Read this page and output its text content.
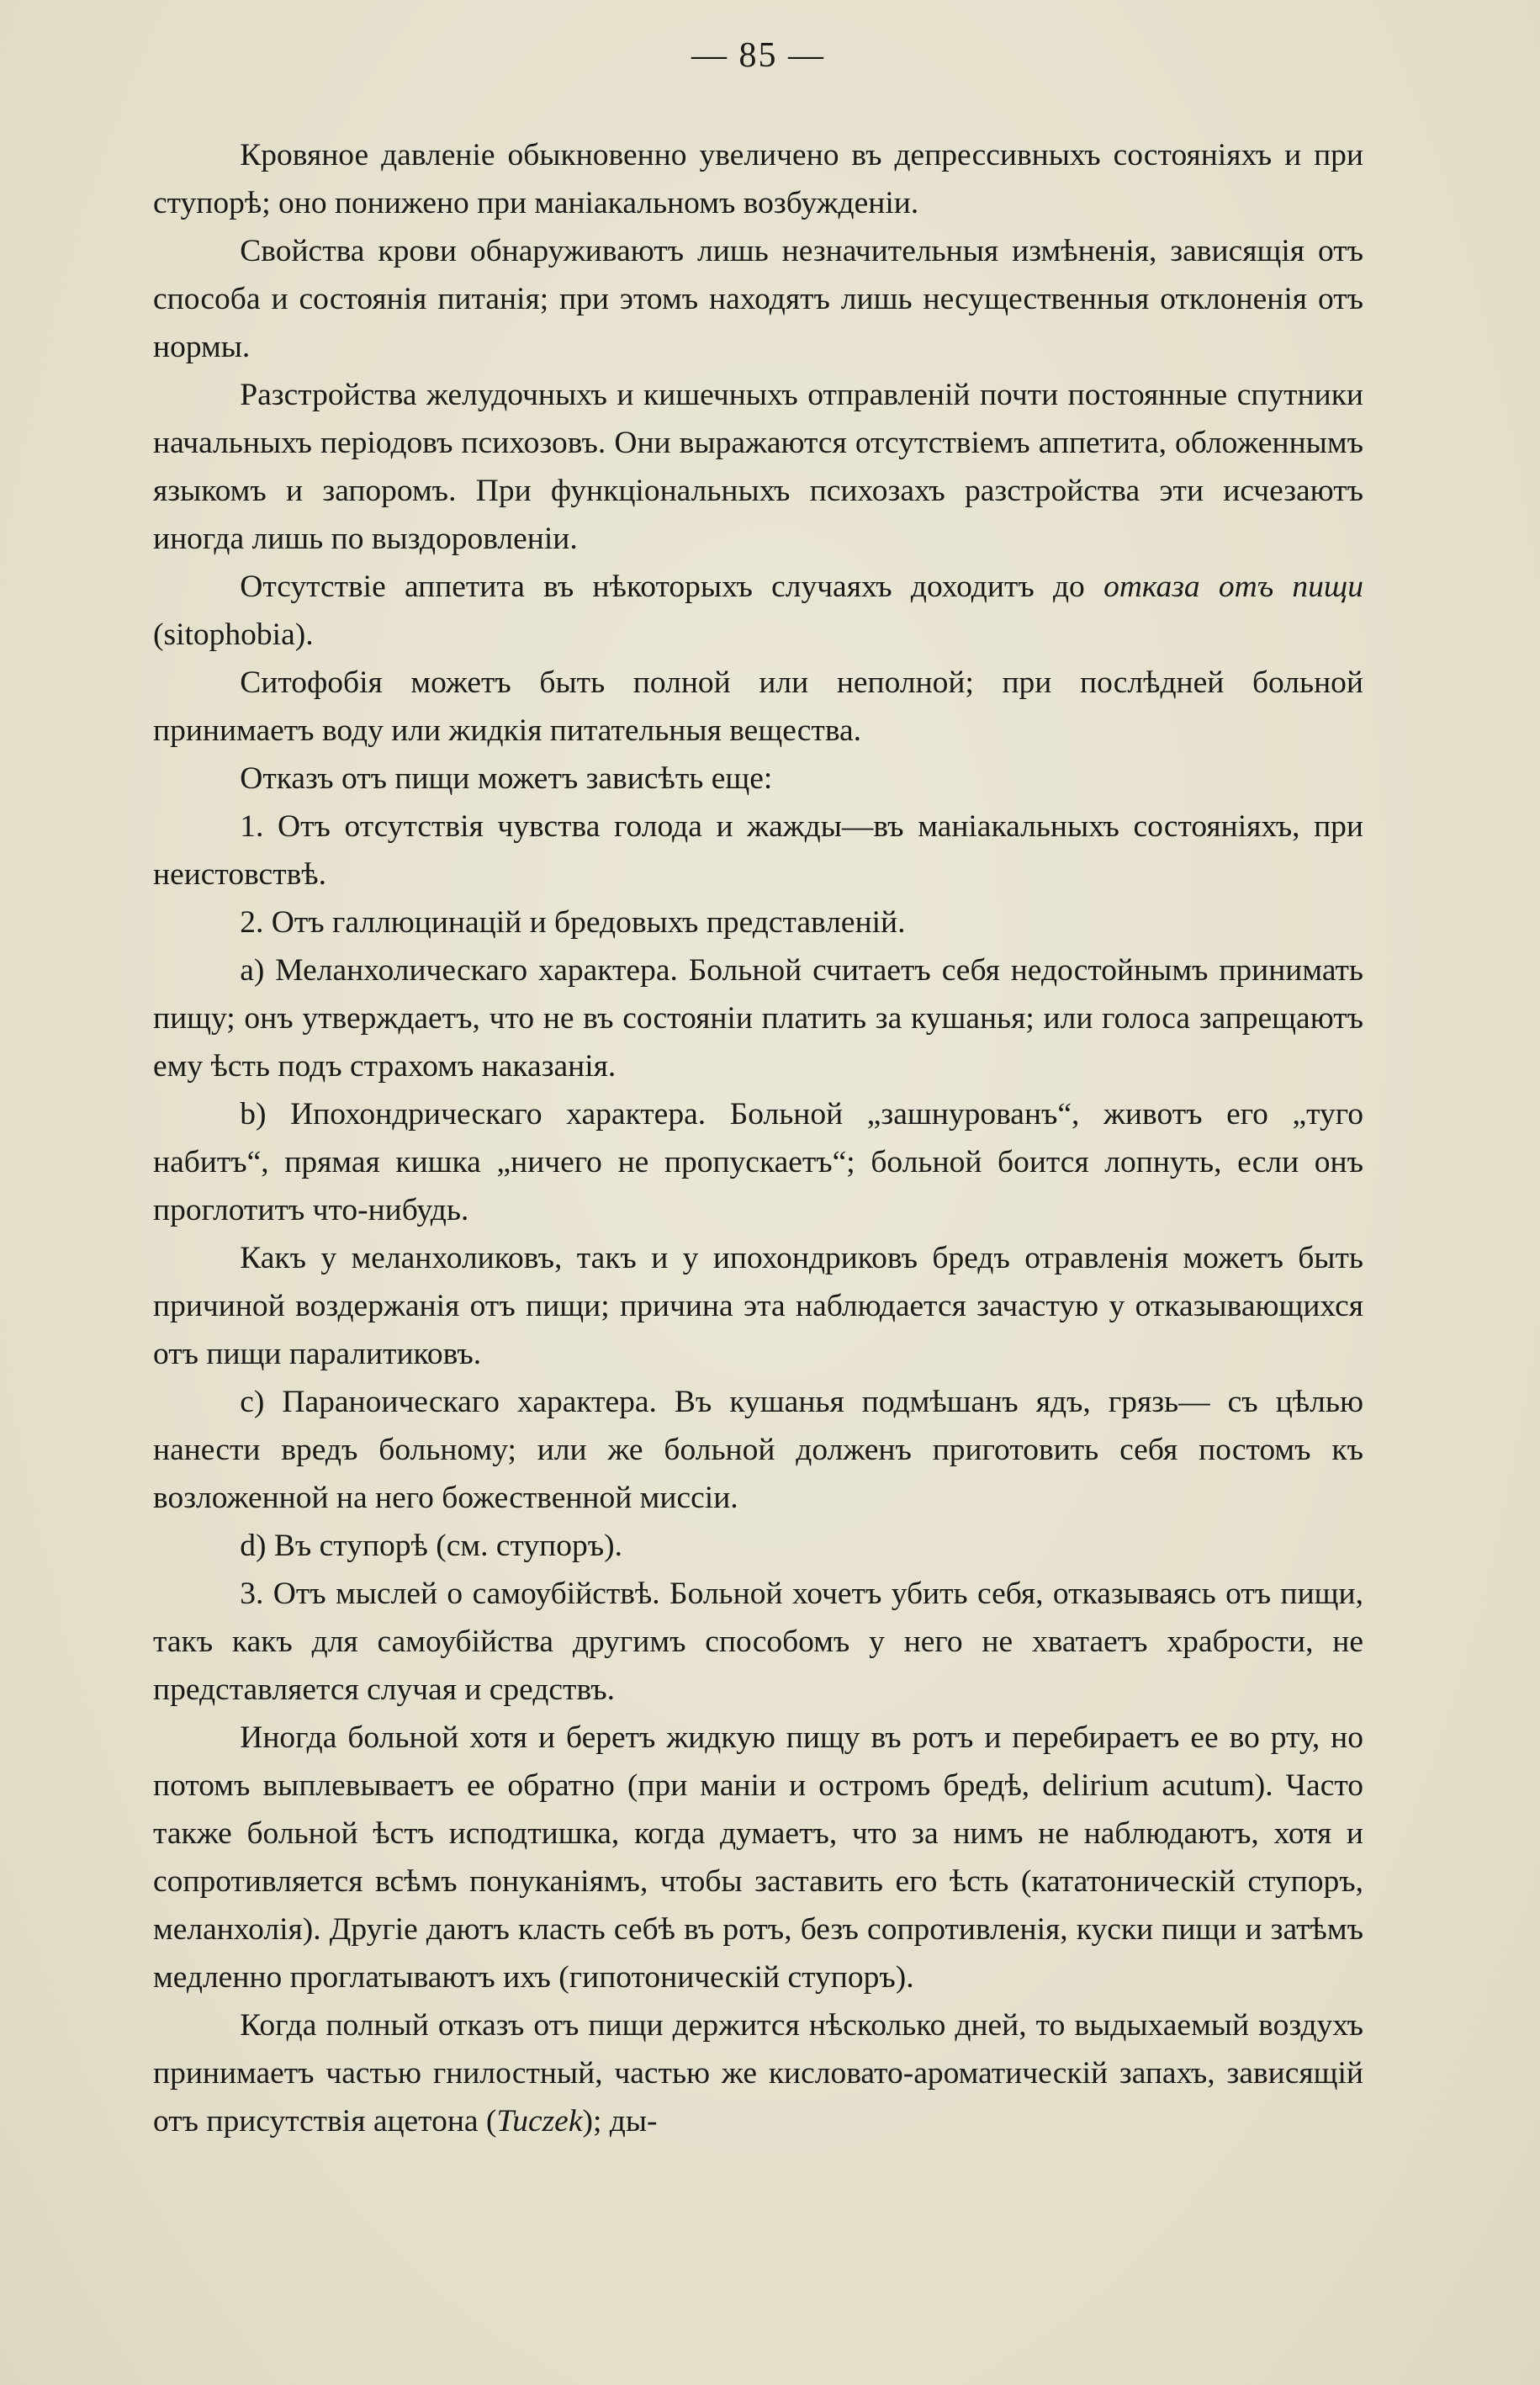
— 85 —

Кровяное давленіе обыкновенно увеличено въ депрессивныхъ состояніяхъ и при ступорѣ; оно понижено при маніакальномъ возбужденіи.

Свойства крови обнаруживаютъ лишь незначительныя измѣненія, зависящія отъ способа и состоянія питанія; при этомъ находятъ лишь несущественныя отклоненія отъ нормы.

Разстройства желудочныхъ и кишечныхъ отправленій почти постоянные спутники начальныхъ періодовъ психозовъ. Они выражаются отсутствіемъ аппетита, обложеннымъ языкомъ и запоромъ. При функціональныхъ психозахъ разстройства эти исчезаютъ иногда лишь по выздоровленіи.

Отсутствіе аппетита въ нѣкоторыхъ случаяхъ доходитъ до отказа отъ пищи (sitophobia).

Ситофобія можетъ быть полной или неполной; при послѣдней больной принимаетъ воду или жидкія питательныя вещества.

Отказъ отъ пищи можетъ зависѣть еще:

1. Отъ отсутствія чувства голода и жажды—въ маніакальныхъ состояніяхъ, при неистовствѣ.

2. Отъ галлюцинацій и бредовыхъ представленій.

a) Меланхолическаго характера. Больной считаетъ себя недостойнымъ принимать пищу; онъ утверждаетъ, что не въ состояніи платить за кушанья; или голоса запрещаютъ ему ѣсть подъ страхомъ наказанія.

b) Ипохондрическаго характера. Больной „зашнурованъ“, животъ его „туго набитъ“, прямая кишка „ничего не пропускаетъ“; больной боится лопнуть, если онъ проглотитъ что-нибудь.

Какъ у меланхоликовъ, такъ и у ипохондриковъ бредъ отравленія можетъ быть причиной воздержанія отъ пищи; причина эта наблюдается зачастую у отказывающихся отъ пищи паралитиковъ.

c) Параноическаго характера. Въ кушанья подмѣшанъ ядъ, грязь— съ цѣлью нанести вредъ больному; или же больной долженъ приготовить себя постомъ къ возложенной на него божественной миссіи.

d) Въ ступорѣ (см. ступоръ).

3. Отъ мыслей о самоубійствѣ. Больной хочетъ убить себя, отказываясь отъ пищи, такъ какъ для самоубійства другимъ способомъ у него не хватаетъ храбрости, не представляется случая и средствъ.

Иногда больной хотя и беретъ жидкую пищу въ ротъ и перебираетъ ее во рту, но потомъ выплевываетъ ее обратно (при маніи и остромъ бредѣ, delirium acutum). Часто также больной ѣстъ исподтишка, когда думаетъ, что за нимъ не наблюдаютъ, хотя и сопротивляется всѣмъ понуканіямъ, чтобы заставить его ѣсть (кататоническій ступоръ, меланхолія). Другіе даютъ класть себѣ въ ротъ, безъ сопротивленія, куски пищи и затѣмъ медленно проглатываютъ ихъ (гипотоническій ступоръ).

Когда полный отказъ отъ пищи держится нѣсколько дней, то выдыхаемый воздухъ принимаетъ частью гнилостный, частью же кисловато-ароматическій запахъ, зависящій отъ присутствія ацетона (Tuczek); ды-
